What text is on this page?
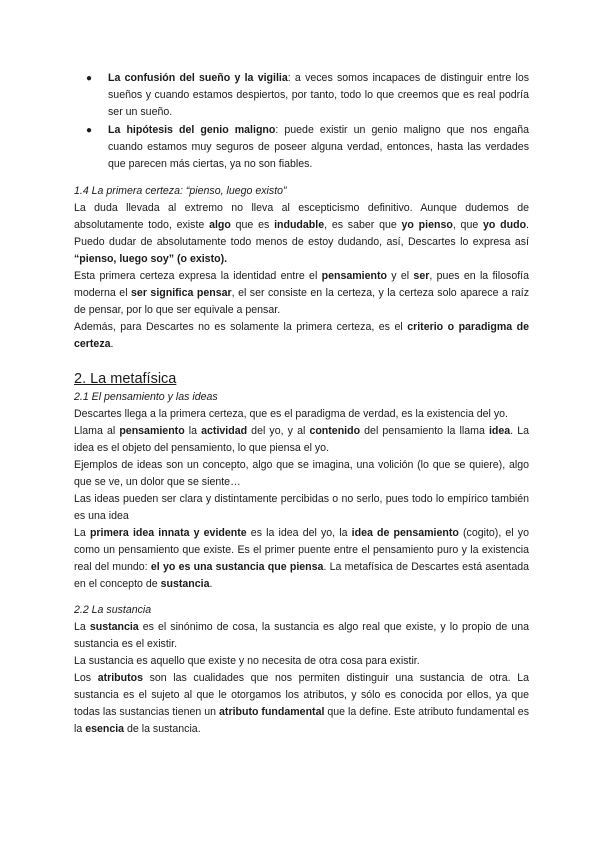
● La confusión del sueño y la vigilia: a veces somos incapaces de distinguir entre los sueños y cuando estamos despiertos, por tanto, todo lo que creemos que es real podría ser un sueño.
● La hipótesis del genio maligno: puede existir un genio maligno que nos engaña cuando estamos muy seguros de poseer alguna verdad, entonces, hasta las verdades que parecen más ciertas, ya no son fiables.
1.4 La primera certeza: “pienso, luego existo”

La duda llevada al extremo no lleva al escepticismo definitivo. Aunque dudemos de absolutamente todo, existe algo que es indudable, es saber que yo pienso, que yo dudo. Puedo dudar de absolutamente todo menos de estoy dudando, así, Descartes lo expresa así “pienso, luego soy” (o existo).

Esta primera certeza expresa la identidad entre el pensamiento y el ser, pues en la filosofía moderna el ser significa pensar, el ser consiste en la certeza, y la certeza solo aparece a raíz de pensar, por lo que ser equivale a pensar.

Además, para Descartes no es solamente la primera certeza, es el criterio o paradigma de certeza.

2. La metafísica
2.1 El pensamiento y las ideas

Descartes llega a la primera certeza, que es el paradigma de verdad, es la existencia del yo.

Llama al pensamiento la actividad del yo, y al contenido del pensamiento la llama idea. La idea es el objeto del pensamiento, lo que piensa el yo.

Ejemplos de ideas son un concepto, algo que se imagina, una volición (lo que se quiere), algo que se ve, un dolor que se siente…

Las ideas pueden ser clara y distintamente percibidas o no serlo, pues todo lo empírico también es una idea

La primera idea innata y evidente es la idea del yo, la idea de pensamiento (cogito), el yo como un pensamiento que existe. Es el primer puente entre el pensamiento puro y la existencia real del mundo: el yo es una sustancia que piensa. La metafísica de Descartes está asentada en el concepto de sustancia.

2.2 La sustancia

La sustancia es el sinónimo de cosa, la sustancia es algo real que existe, y lo propio de una sustancia es el existir.

La sustancia es aquello que existe y no necesita de otra cosa para existir.

Los atributos son las cualidades que nos permiten distinguir una sustancia de otra. La sustancia es el sujeto al que le otorgamos los atributos, y sólo es conocida por ellos, ya que todas las sustancias tienen un atributo fundamental que la define. Este atributo fundamental es la esencia de la sustancia.
